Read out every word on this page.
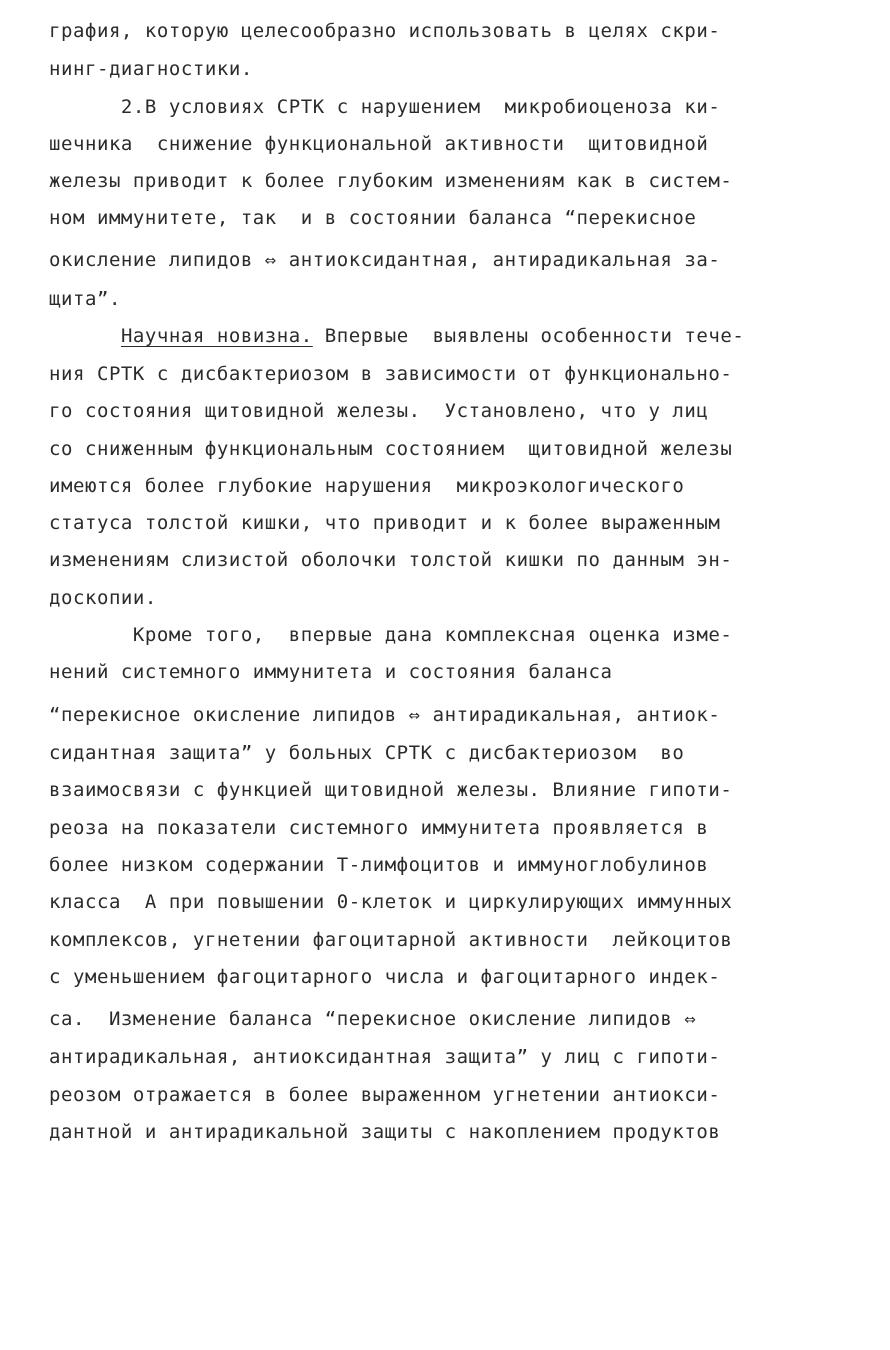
графия, которую целесообразно использовать в целях скри-
нинг-диагностики.
2.В условиях СРТК с нарушением  микробиоценоза ки-
шечника  снижение функциональной активности  щитовидной
железы приводит к более глубоким изменениям как в систем-
ном иммунитете, так  и в состоянии баланса “перекисное
окисление липидов ⇔ антиоксидантная, антирадикальная за-
щита”.
Научная новизна. Впервые  выявлены особенности тече-
ния СРТК с дисбактериозом в зависимости от функционально-
го состояния щитовидной железы.  Установлено, что у лиц
со сниженным функциональным состоянием  щитовидной железы
имеются более глубокие нарушения  микроэкологического
статуса толстой кишки, что приводит и к более выраженным
изменениям слизистой оболочки толстой кишки по данным эн-
доскопии.
Кроме того,  впервые дана комплексная оценка изме-
нений системного иммунитета и состояния баланса
“перекисное окисление липидов ⇔ антирадикальная, антиок-
сидантная защита” у больных СРТК с дисбактериозом  во
взаимосвязи с функцией щитовидной железы. Влияние гипоти-
реоза на показатели системного иммунитета проявляется в
более низком содержании Т-лимфоцитов и иммуноглобулинов
класса  А при повышении 0-клеток и циркулирующих иммунных
комплексов, угнетении фагоцитарной активности  лейкоцитов
с уменьшением фагоцитарного числа и фагоцитарного индек-
са.  Изменение баланса “перекисное окисление липидов ⇔
антирадикальная, антиоксидантная защита” у лиц с гипоти-
реозом отражается в более выраженном угнетении антиокси-
дантной и антирадикальной защиты с накоплением продуктов
